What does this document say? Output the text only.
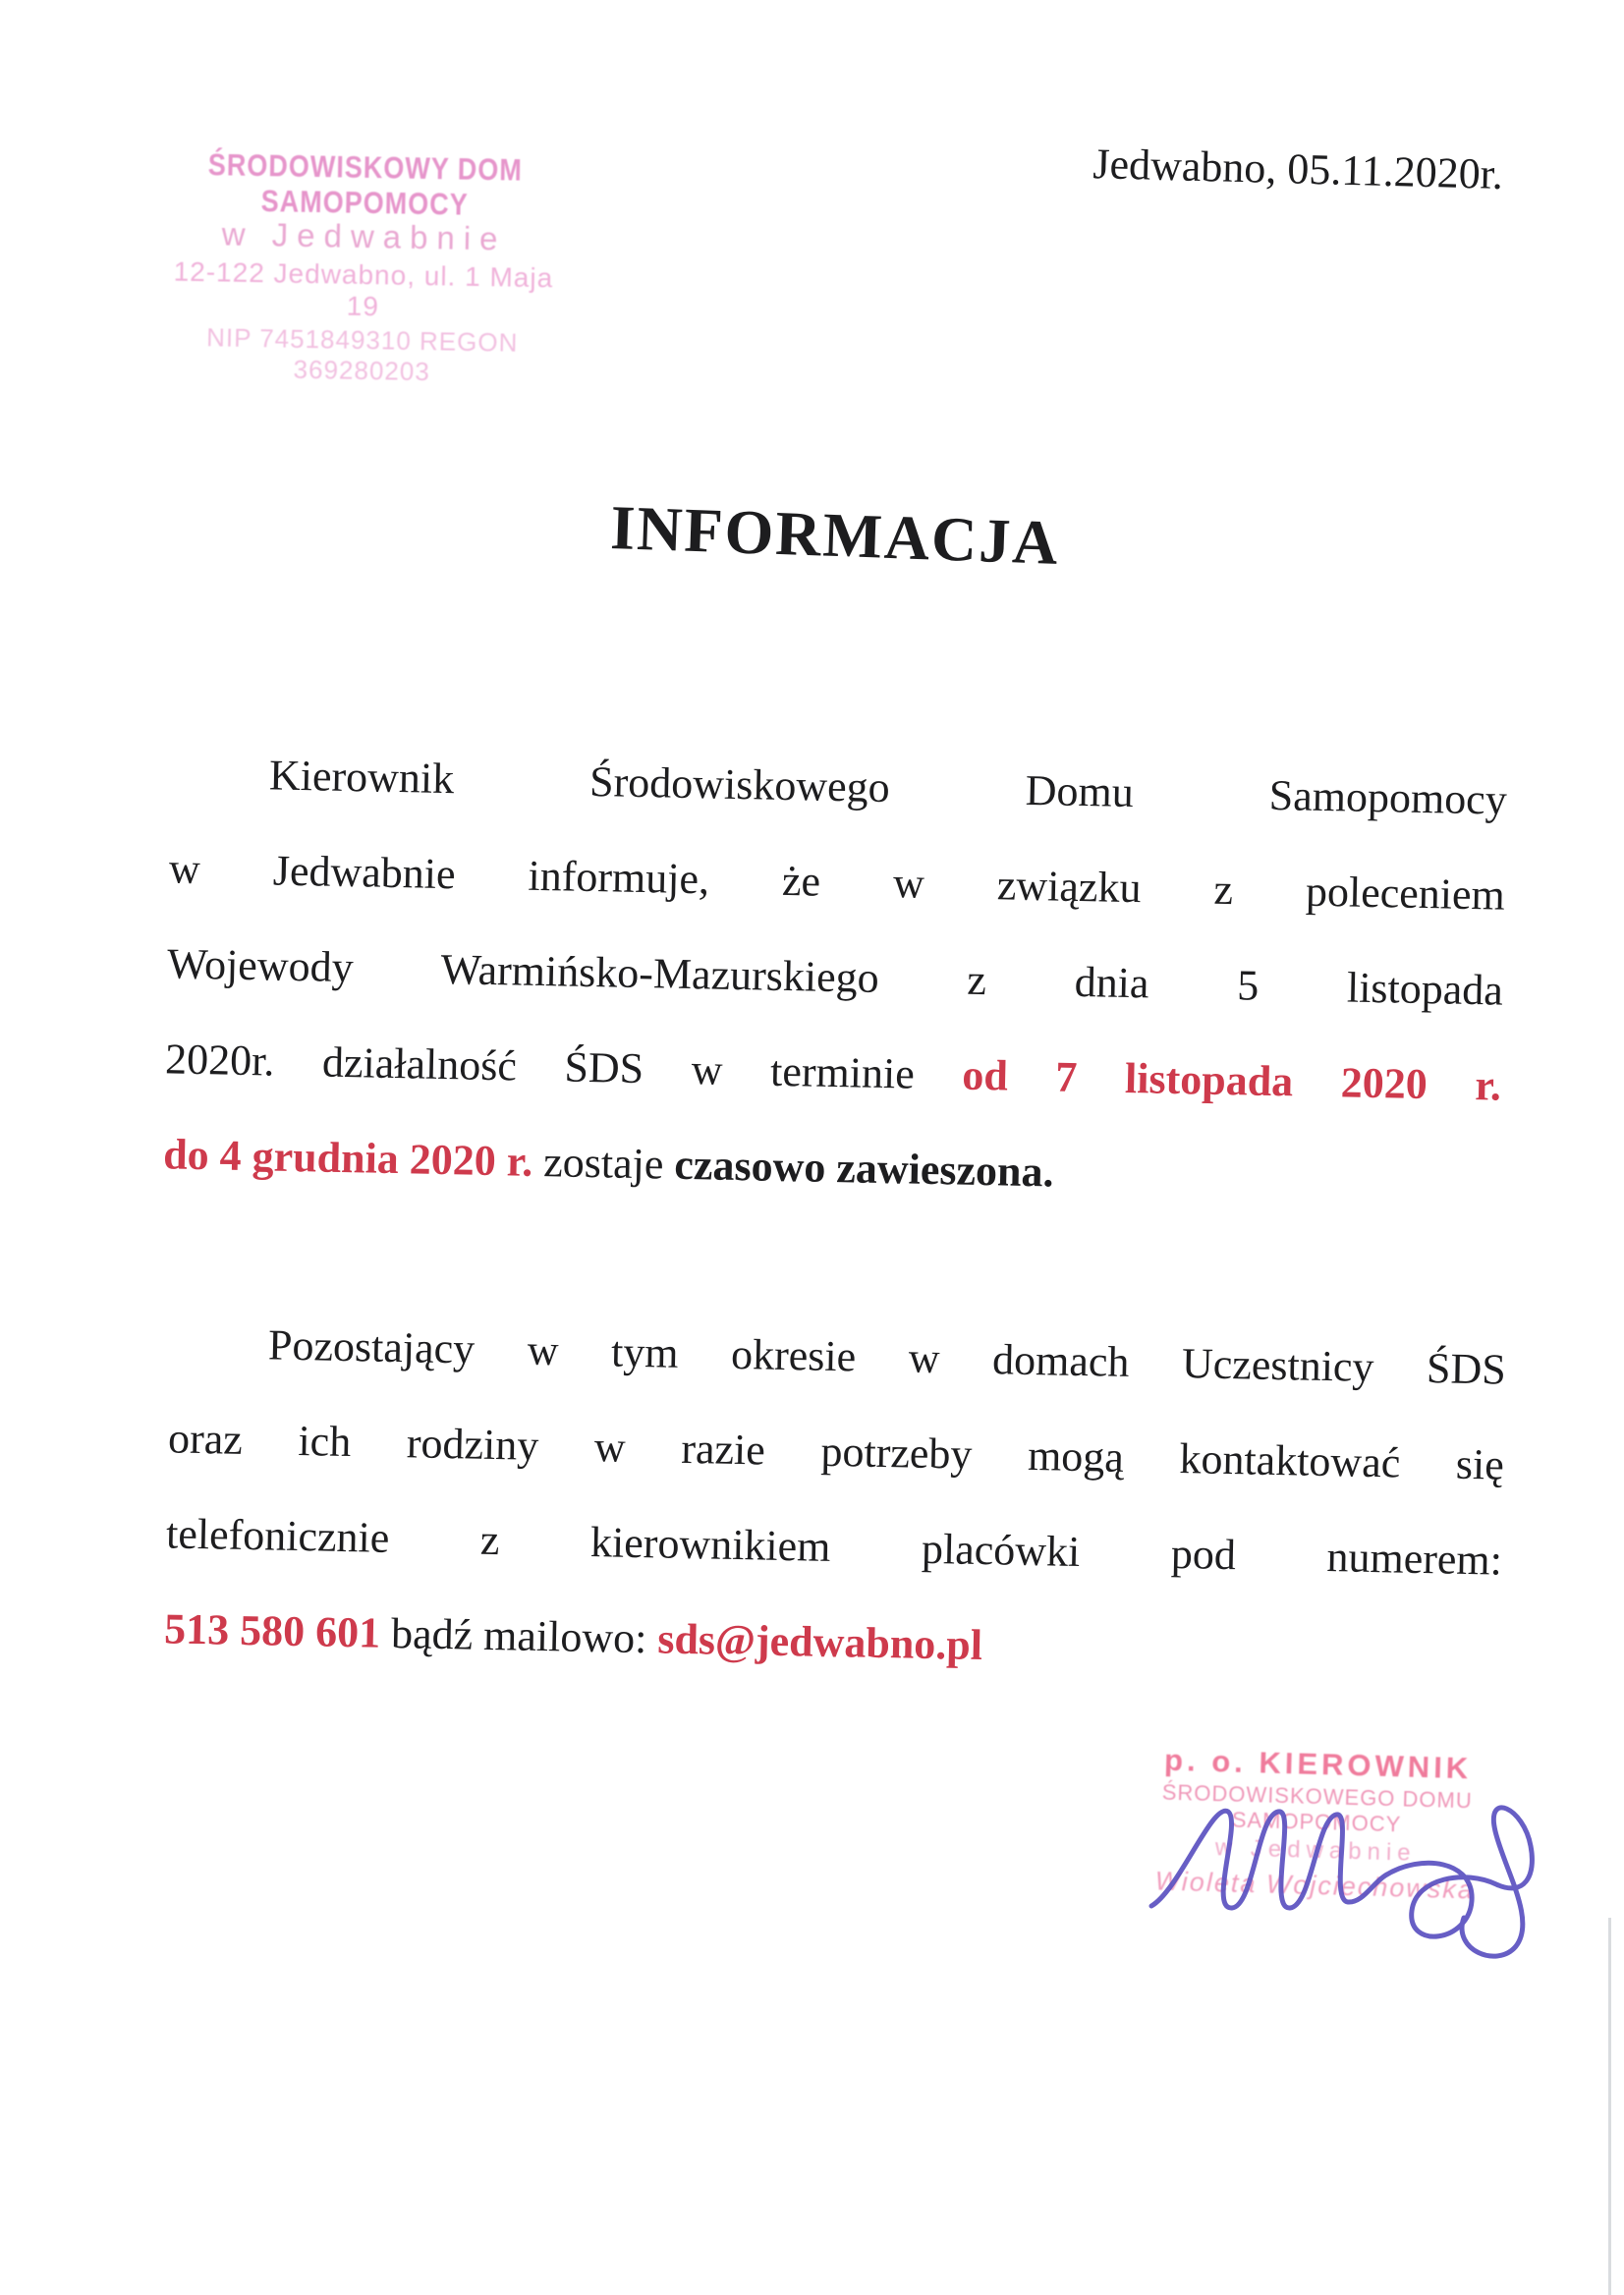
ŚRODOWISKOWY DOM SAMOPOMOCY
w Jedwabnie
12-122 Jedwabno, ul. 1 Maja 19
NIP 7451849310 REGON 369280203
Jedwabno, 05.11.2020r.
INFORMACJA
Kierownik Środowiskowego Domu Samopomocy
w Jedwabnie informuje, że w związku z poleceniem
Wojewody Warmińsko-Mazurskiego z dnia 5 listopada
2020r. działalność ŚDS w terminie od 7 listopada 2020 r.
do 4 grudnia 2020 r. zostaje czasowo zawieszona.
Pozostający w tym okresie w domach Uczestnicy ŚDS
oraz ich rodziny w razie potrzeby mogą kontaktować się
telefonicznie z kierownikiem placówki pod numerem:
513 580 601 bądź mailowo: sds@jedwabno.pl
p. o. KIEROWNIK
ŚRODOWISKOWEGO DOMU SAMOPOMOCY
w Jedwabnie
Wioleta Wojciechowska
